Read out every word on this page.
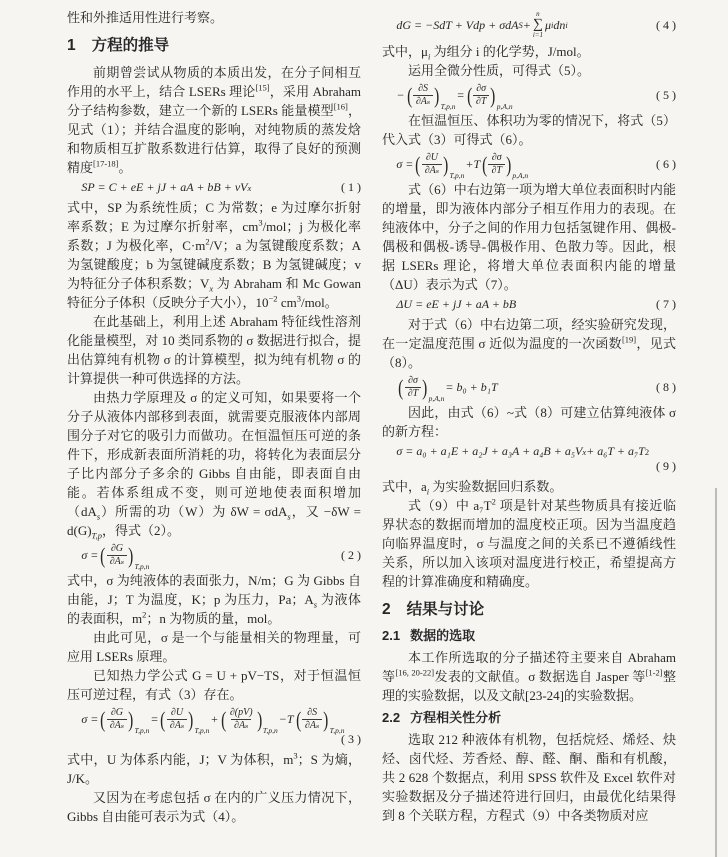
性和外推适用性进行考察。

1 方程的推导

前期曾尝试从物质的本质出发，在分子间相互作用的水平上，结合 LSERs 理论[15]，采用 Abraham 分子结构参数，建立一个新的 LSERs 能量模型[16]，见式（1）；并结合温度的影响，对纯物质的蒸发焓和物质相互扩散系数进行估算，取得了良好的预测精度[17-18]。

SP = C + eE + jJ + aA + bB + vV x	( 1 )

式中，SP 为系统性质；C 为常数；e 为过摩尔折射率系数；E 为过摩尔折射率，$cm^3$/mol；j 为极化率系数；J 为极化率，$C\cdot m^2/V$；a 为氢键酸度系数；A 为氢键酸度；b 为氢键碱度系数；B 为氢键碱度；v 为特征分子体积系数；$V_x$ 为 Abraham 和 Mc Gowan 特征分子体积（反映分子大小），$10^{-2}$ $cm^3$/mol。

在此基础上，利用上述 Abraham 特征线性溶剂化能量模型，对 10 类同系物的 σ 数据进行拟合，提出估算纯有机物 σ 的计算模型，拟为纯有机物 σ 的计算提供一种可供选择的方法。

由热力学原理及 σ 的定义可知，如果要将一个分子从液体内部移到表面，就需要克服液体内部周围分子对它的吸引力而做功。在恒温恒压可逆的条件下，形成新表面所消耗的功，将转化为表面层分子比内部分子多余的 Gibbs 自由能，即表面自由能。若体系组成不变，则可逆地使表面积增加$(dA_s)$所需的功（W）为 δW = σdA$_s$，又 $-\delta W = d(G)_{T,p}$，得式（2）。

σ = ( $\frac{\partial G}{\text{∂Aₛ}}$ ) T,p,n
( 2 )

式中，σ 为纯液体的表面张力，N/m；G 为 Gibbs 自由能，J；T 为温度，K；p 为压力，Pa；$A_s$ 为液体的表面积，$m^2$；n 为物质的量，mol。

由此可见，σ 是一个与能量相关的物理量，可应用 LSERs 原理。

已知热力学公式 G = U + pV−TS，对于恒温恒压可逆过程，有式（3）存在。

σ = ( $\frac{\partial G}{\text{∂Aₛ}}$ ) T,p,n
= ( $\frac{\partial U}{\text{∂Aₛ}}$ ) T,p,n
+ ( $\frac{\partial(pV)}{\text{∂Aₛ}}$ ) T,p,n
−T ( $\frac{\partial S}{\text{∂Aₛ}}$ ) T,p,n
( 3 )

式中，U 为体系内能，J；V 为体积，$m^3$；S 为熵，J/K。

又因为在考虑包括 σ 在内的广义压力情况下，Gibbs 自由能可表示为式（4）。

dG = −SdT + Vdp + σdA S +
n
∑
i=1
μ i dn i	( 4 )

式中，$\mu_i$ 为组分 i 的化学势，J/mol。

运用全微分性质，可得式（5）。

− ( $\frac{\partial S}{\text{∂Aₛ}}$ ) T,p,n
= ( $\frac{\partial\sigma}{\partial T}$ ) p,A,n
( 5 )

在恒温恒压、体积功为零的情况下，将式（5）代入式（3）可得式（6）。

σ = ( $\frac{\partial U}{\text{∂Aₛ}}$ ) T,p,n
+T ( $\frac{\partial\sigma}{\partial T}$ ) p,A,n
( 6 )

式（6）中右边第一项为增大单位表面积时内能的增量，即为液体内部分子相互作用力的表现。在纯液体中，分子之间的作用力包括氢键作用、偶极-偶极和偶极-诱导-偶极作用、色散力等。因此，根据 LSERs 理论，将增大单位表面积内能的增量（ΔU）表示为式（7）。

ΔU = eE + jJ + aA + bB	( 7 )

对于式（6）中右边第二项，经实验研究发现，在一定温度范围 σ 近似为温度的一次函数[19]，见式（8）。

( $\frac{\partial\sigma}{\partial T}$ ) p,A,n
= b₀ + b₁T	( 8 )

因此，由式（6）~式（8）可建立估算纯液体 σ 的新方程：

σ = a₀ + a₁E + a₂J + a₃A + a₄B + a₅V x + a₆T + a₇T 2
( 9 )

式中，$a_i$ 为实验数据回归系数。

式（9）中 $a_7T^2$ 项是针对某些物质具有接近临界状态的数据而增加的温度校正项。因为当温度趋向临界温度时，σ 与温度之间的关系已不遵循线性关系，所以加入该项对温度进行校正，希望提高方程的计算准确度和精确度。

2 结果与讨论
2.1 数据的选取

本工作所选取的分子描述符主要来自 Abraham 等[16, 20-22]发表的文献值。σ 数据选自 Jasper 等[1-2]整理的实验数据，以及文献[23-24]的实验数据。

2.2 方程相关性分析

选取 212 种液体有机物，包括烷烃、烯烃、炔烃、卤代烃、芳香烃、醇、醛、酮、酯和有机酸，共 2 628 个数据点，利用 SPSS 软件及 Excel 软件对实验数据及分子描述符进行回归，由最优化结果得到 8 个关联方程，方程式（9）中各类物质对应
